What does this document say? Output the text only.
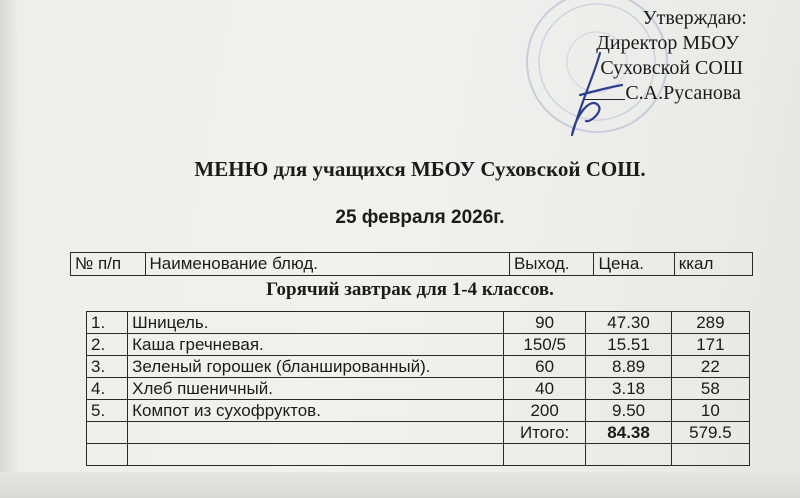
Утверждаю:
Директор МБОУ
Суховской СОШ
С.А.Русанова
МЕНЮ для учащихся МБОУ Суховской СОШ.
25 февраля 2026г.
№ п/п	Наименование блюд.	Выход.	Цена.	ккал
Горячий завтрак для 1-4 классов.
1.	Шницель.	90	47.30	289
2.	Каша гречневая.	150/5	15.51	171
3.	Зеленый горошек (бланшированный).	60	8.89	22
4.	Хлеб пшеничный.	40	3.18	58
5.	Компот из сухофруктов.	200	9.50	10
		Итого:	84.38	579.5
